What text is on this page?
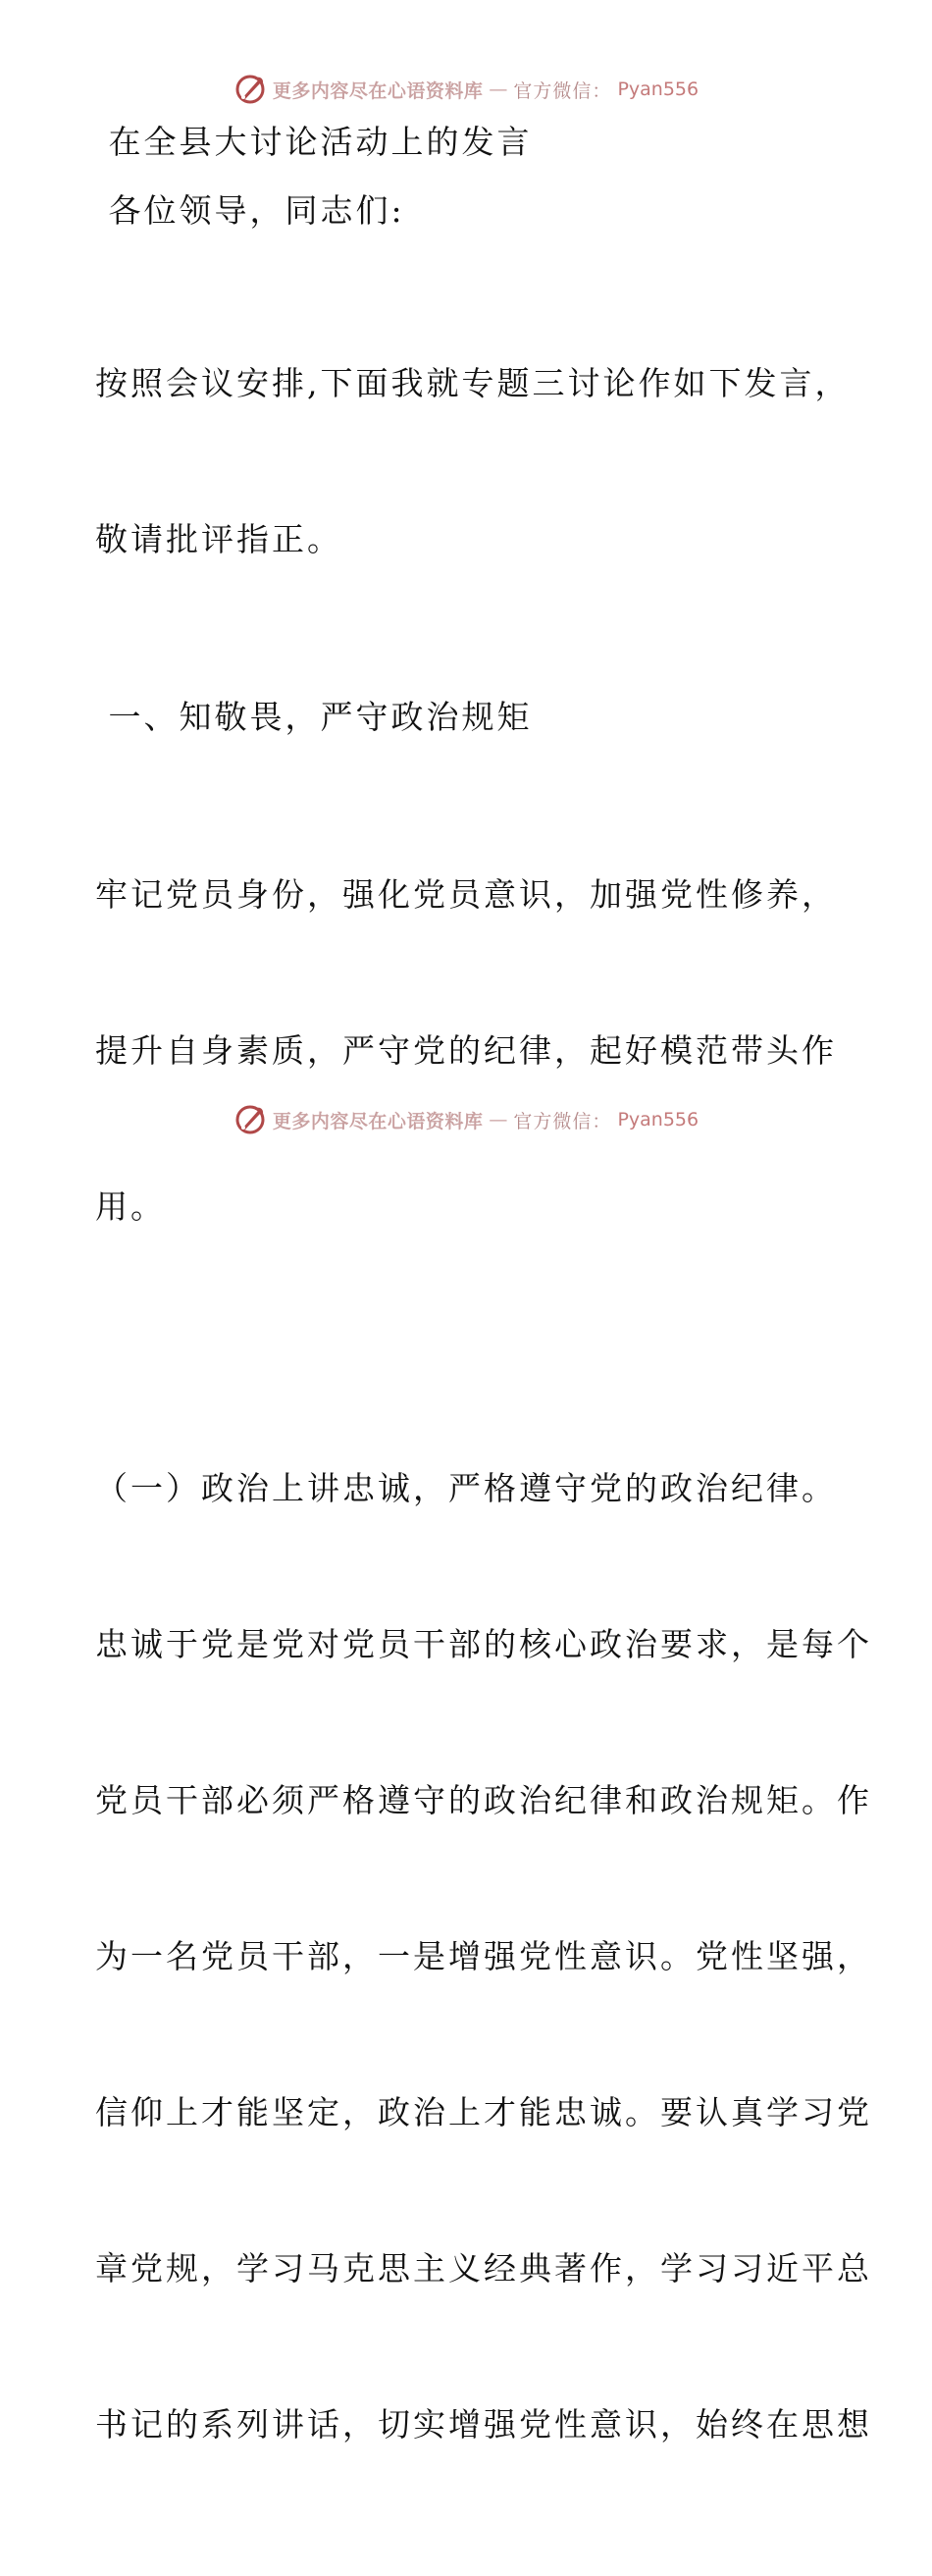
更多内容尽在心语资料库 — 官方微信： Pyan556
在全县大讨论活动上的发言
各位领导，同志们:

按照会议安排,下面我就专题三讨论作如下发言，

敬请批评指正。

一、知敬畏，严守政治规矩

牢记党员身份，强化党员意识，加强党性修养，

提升自身素质，严守党的纪律，起好模范带头作

用。

（一）政治上讲忠诚，严格遵守党的政治纪律。

忠诚于党是党对党员干部的核心政治要求，是每个

党员干部必须严格遵守的政治纪律和政治规矩。作

为一名党员干部，一是增强党性意识。党性坚强，

信仰上才能坚定，政治上才能忠诚。要认真学习党

章党规，学习马克思主义经典著作，学习习近平总

书记的系列讲话，切实增强党性意识，始终在思想

更多内容尽在心语资料库 — 官方微信： Pyan556
